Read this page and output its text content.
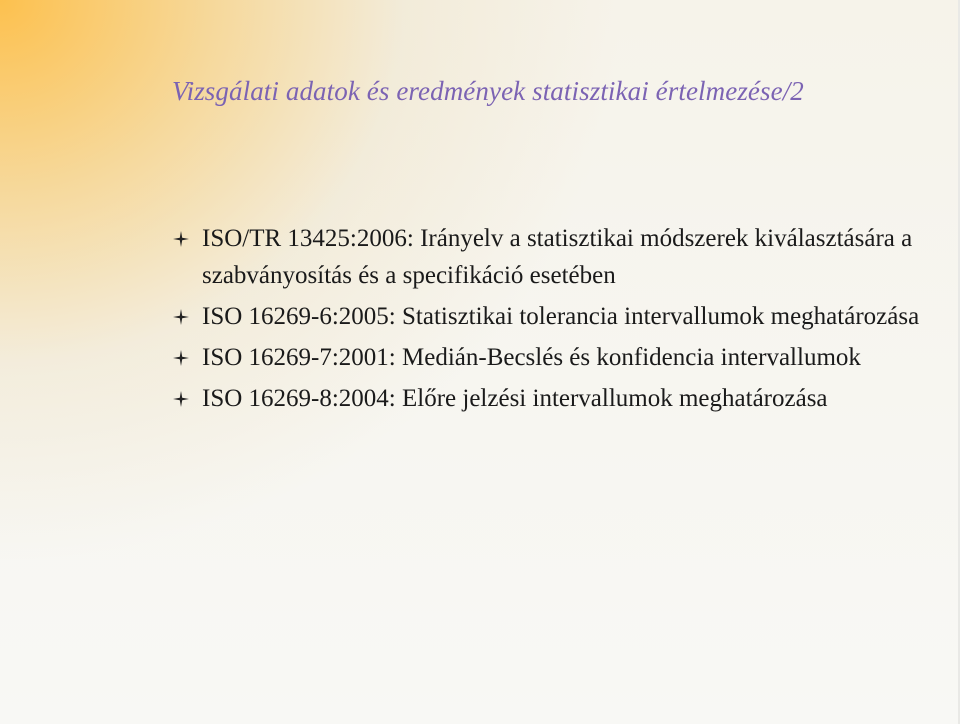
Vizsgálati adatok és eredmények statisztikai értelmezése/2
ISO/TR 13425:2006: Irányelv a statisztikai módszerek kiválasztására a szabványosítás és a specifikáció esetében
ISO 16269-6:2005: Statisztikai tolerancia intervallumok meghatározása
ISO 16269-7:2001: Medián-Becslés és konfidencia intervallumok
ISO 16269-8:2004: Előre jelzési intervallumok meghatározása
